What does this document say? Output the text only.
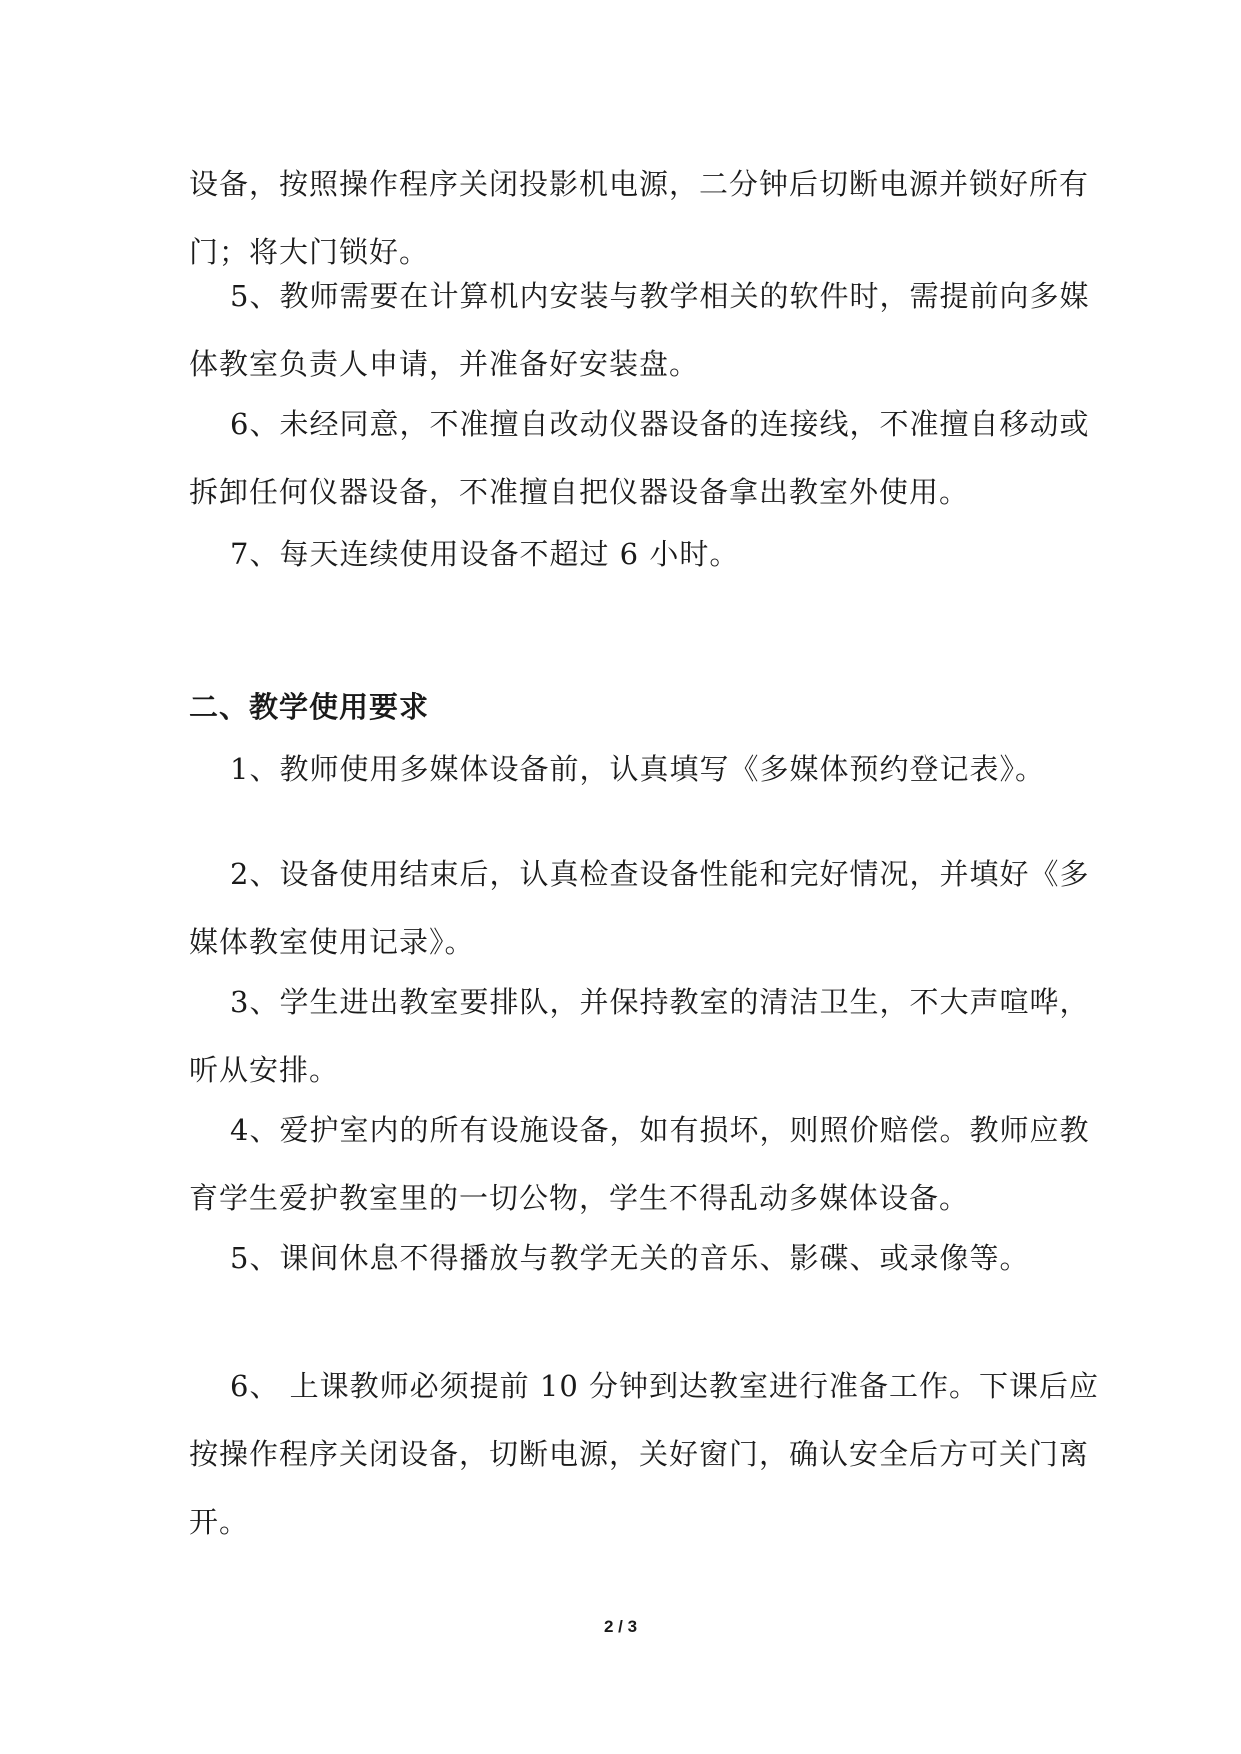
设备，按照操作程序关闭投影机电源，二分钟后切断电源并锁好所有
门；将大门锁好。

5、教师需要在计算机内安装与教学相关的软件时，需提前向多媒
体教室负责人申请，并准备好安装盘。

6、未经同意，不准擅自改动仪器设备的连接线，不准擅自移动或
拆卸任何仪器设备，不准擅自把仪器设备拿出教室外使用。

7、每天连续使用设备不超过 6 小时。

二、教学使用要求

1、教师使用多媒体设备前，认真填写《多媒体预约登记表》。

2、设备使用结束后，认真检查设备性能和完好情况，并填好《多
媒体教室使用记录》。

3、学生进出教室要排队，并保持教室的清洁卫生，不大声喧哗，
听从安排。

4、爱护室内的所有设施设备，如有损坏，则照价赔偿。教师应教
育学生爱护教室里的一切公物，学生不得乱动多媒体设备。

5、课间休息不得播放与教学无关的音乐、影碟、或录像等。

6、 上课教师必须提前 10 分钟到达教室进行准备工作。下课后应
按操作程序关闭设备，切断电源，关好窗门，确认安全后方可关门离
开。

2 / 3
